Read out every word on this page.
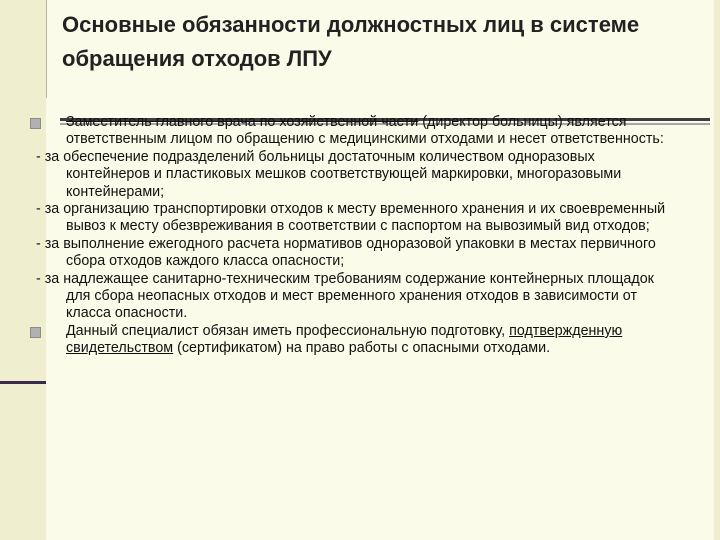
Основные обязанности должностных лиц в системе обращения отходов ЛПУ
Заместитель главного врача по хозяйственной части (директор больницы) является ответственным лицом по обращению с медицинскими отходами и несет ответственность:
- за обеспечение подразделений больницы достаточным количеством одноразовых контейнеров и пластиковых мешков соответствующей маркировки, многоразовыми контейнерами;
- за организацию транспортировки отходов к месту временного хранения и их своевременный вывоз к месту обезвреживания в соответствии с паспортом на вывозимый вид отходов;
- за выполнение ежегодного расчета нормативов одноразовой упаковки в местах первичного сбора отходов каждого класса опасности;
- за надлежащее санитарно-техническим требованиям содержание контейнерных площадок для сбора неопасных отходов и мест временного хранения отходов в зависимости от класса опасности.
Данный специалист обязан иметь профессиональную подготовку, подтвержденную свидетельством (сертификатом) на право работы с опасными отходами.
